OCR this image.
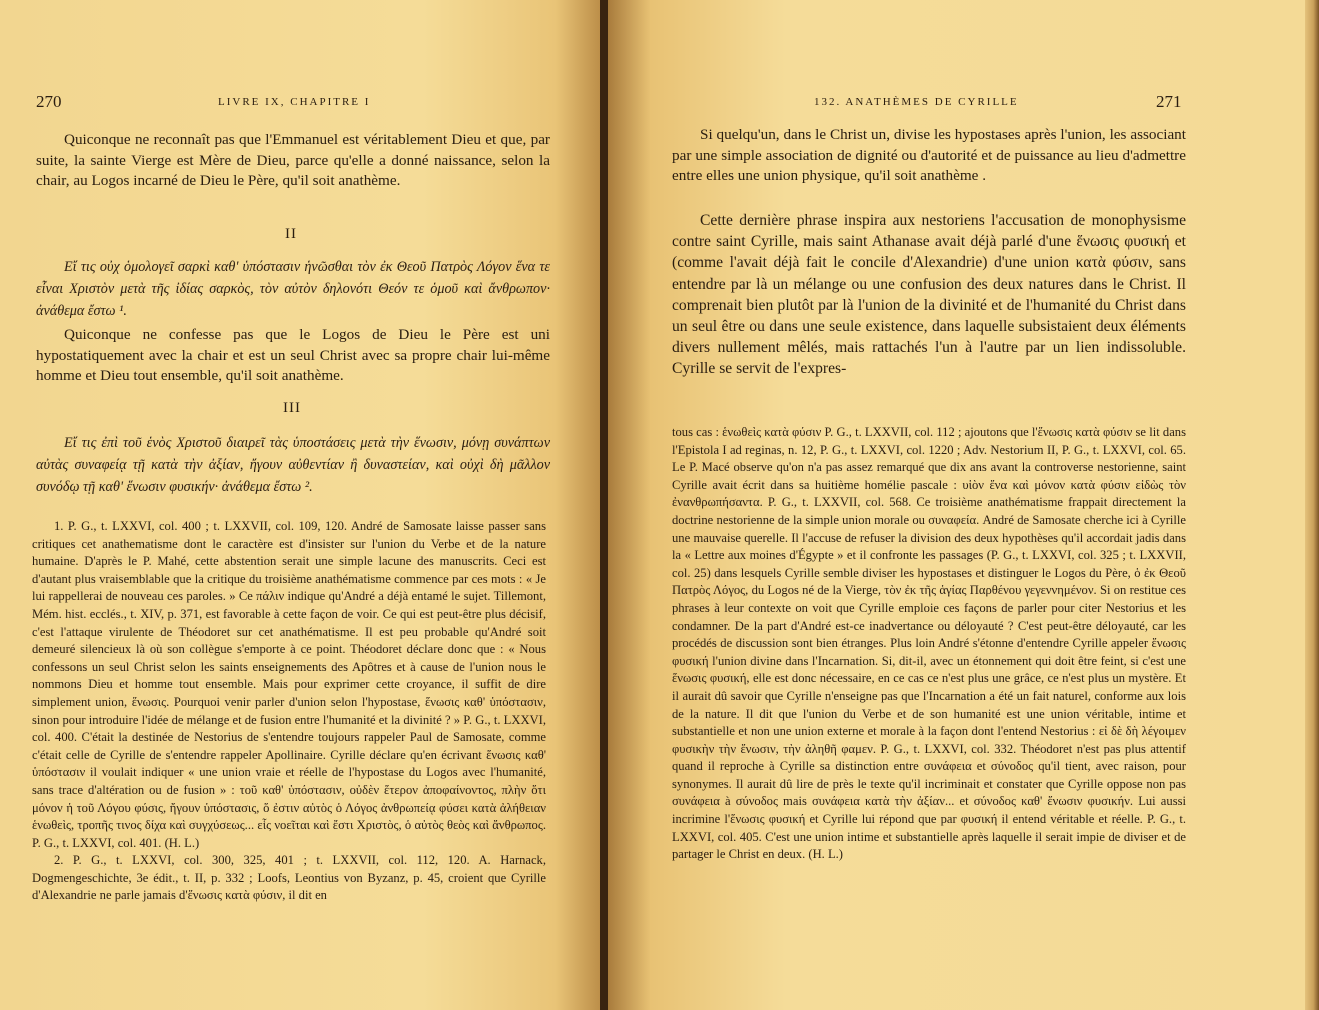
270	LIVRE IX, CHAPITRE I

Quiconque ne reconnaît pas que l'Emmanuel est véritablement Dieu et que, par suite, la sainte Vierge est Mère de Dieu, parce qu'elle a donné naissance, selon la chair, au Logos incarné de Dieu le Père, qu'il soit anathème.

II

Εἴ τις οὐχ ὁμολογεῖ σαρκὶ καθ' ὑπόστασιν ἡνῶσθαι τὸν ἐκ Θεοῦ Πατρὸς Λόγον ἕνα τε εἶναι Χριστὸν μετὰ τῆς ἰδίας σαρκὸς, τὸν αὐτὸν δηλονότι Θεόν τε ὁμοῦ καὶ ἄνθρωπον· ἀνάθεμα ἔστω ¹.

Quiconque ne confesse pas que le Logos de Dieu le Père est uni hypostatiquement avec la chair et est un seul Christ avec sa propre chair lui-même homme et Dieu tout ensemble, qu'il soit anathème.

III

Εἴ τις ἐπὶ τοῦ ἑνὸς Χριστοῦ διαιρεῖ τὰς ὑποστάσεις μετὰ τὴν ἕνωσιν, μόνῃ συνάπτων αὐτὰς συναφείᾳ τῇ κατὰ τὴν ἀξίαν, ἤγουν αὐθεντίαν ἢ δυναστείαν, καὶ οὐχὶ δὴ μᾶλλον συνόδῳ τῇ καθ' ἕνωσιν φυσικήν· ἀνάθεμα ἔστω ².

1. P. G., t. LXXVI, col. 400 ; t. LXXVII, col. 109, 120. André de Samosate laisse passer sans critiques cet anathematisme dont le caractère est d'insister sur l'union du Verbe et de la nature humaine. D'après le P. Mahé, cette abstention serait une simple lacune des manuscrits. Ceci est d'autant plus vraisemblable que la critique du troisième anathématisme commence par ces mots : « Je lui rappellerai de nouveau ces paroles. » Ce πάλιν indique qu'André a déjà entamé le sujet. Tillemont, Mém. hist. ecclés., t. XIV, p. 371, est favorable à cette façon de voir. Ce qui est peut-être plus décisif, c'est l'attaque virulente de Théodoret sur cet anathématisme. Il est peu probable qu'André soit demeuré silencieux là où son collègue s'emporte à ce point. Théodoret déclare donc que : « Nous confessons un seul Christ selon les saints enseignements des Apôtres et à cause de l'union nous le nommons Dieu et homme tout ensemble. Mais pour exprimer cette croyance, il suffit de dire simplement union, ἕνωσις. Pourquoi venir parler d'union selon l'hypostase, ἕνωσις καθ' ὑπόστασιν, sinon pour introduire l'idée de mélange et de fusion entre l'humanité et la divinité ? » P. G., t. LXXVI, col. 400. C'était la destinée de Nestorius de s'entendre toujours rappeler Paul de Samosate, comme c'était celle de Cyrille de s'entendre rappeler Apollinaire. Cyrille déclare qu'en écrivant ἕνωσις καθ' ὑπόστασιν il voulait indiquer « une union vraie et réelle de l'hypostase du Logos avec l'humanité, sans trace d'altération ou de fusion » : τοῦ καθ' ὑπόστασιν, οὐδὲν ἕτερον ἀποφαίνοντος, πλὴν ὅτι μόνον ἡ τοῦ Λόγου φύσις, ἤγουν ὑπόστασις, ὅ ἐστιν αὐτὸς ὁ Λόγος ἀνθρωπείᾳ φύσει κατὰ ἀλήθειαν ἑνωθεὶς, τροπῆς τινος δίχα καὶ συγχύσεως... εἷς νοεῖται καὶ ἔστι Χριστὸς, ὁ αὐτὸς θεὸς καὶ ἄνθρωπος. P. G., t. LXXVI, col. 401. (H. L.)

2. P. G., t. LXXVI, col. 300, 325, 401 ; t. LXXVII, col. 112, 120. A. Harnack, Dogmengeschichte, 3e édit., t. II, p. 332 ; Loofs, Leontius von Byzanz, p. 45, croient que Cyrille d'Alexandrie ne parle jamais d'ἕνωσις κατὰ φύσιν, il dit en

132. ANATHÈMES DE CYRILLE	271

Si quelqu'un, dans le Christ un, divise les hypostases après l'union, les associant par une simple association de dignité ou d'autorité et de puissance au lieu d'admettre entre elles une union physique, qu'il soit anathème .

Cette dernière phrase inspira aux nestoriens l'accusation de monophysisme contre saint Cyrille, mais saint Athanase avait déjà parlé d'une ἕνωσις φυσική et (comme l'avait déjà fait le concile d'Alexandrie) d'une union κατὰ φύσιν, sans entendre par là un mélange ou une confusion des deux natures dans le Christ. Il comprenait bien plutôt par là l'union de la divinité et de l'humanité du Christ dans un seul être ou dans une seule existence, dans laquelle subsistaient deux éléments divers nullement mêlés, mais rattachés l'un à l'autre par un lien indissoluble. Cyrille se servit de l'expres-

tous cas : ἑνωθεὶς κατὰ φύσιν P. G., t. LXXVII, col. 112 ; ajoutons que l'ἕνωσις κατὰ φύσιν se lit dans l'Epistola I ad reginas, n. 12, P. G., t. LXXVI, col. 1220 ; Adv. Nestorium II, P. G., t. LXXVI, col. 65. Le P. Macé observe qu'on n'a pas assez remarqué que dix ans avant la controverse nestorienne, saint Cyrille avait écrit dans sa huitième homélie pascale : υἱὸν ἕνα καὶ μόνον κατὰ φύσιν εἰδὼς τὸν ἐνανθρωπήσαντα. P. G., t. LXXVII, col. 568. Ce troisième anathématisme frappait directement la doctrine nestorienne de la simple union morale ou συναφεία. André de Samosate cherche ici à Cyrille une mauvaise querelle. Il l'accuse de refuser la division des deux hypothèses qu'il accordait jadis dans la « Lettre aux moines d'Égypte » et il confronte les passages (P. G., t. LXXVI, col. 325 ; t. LXXVII, col. 25) dans lesquels Cyrille semble diviser les hypostases et distinguer le Logos du Père, ὁ ἐκ Θεοῦ Πατρὸς Λόγος, du Logos né de la Vierge, τὸν ἐκ τῆς ἁγίας Παρθένου γεγεννημένον. Si on restitue ces phrases à leur contexte on voit que Cyrille emploie ces façons de parler pour citer Nestorius et les condamner. De la part d'André est-ce inadvertance ou déloyauté ? C'est peut-être déloyauté, car les procédés de discussion sont bien étranges. Plus loin André s'étonne d'entendre Cyrille appeler ἕνωσις φυσική l'union divine dans l'Incarnation. Si, dit-il, avec un étonnement qui doit être feint, si c'est une ἕνωσις φυσική, elle est donc nécessaire, en ce cas ce n'est plus une grâce, ce n'est plus un mystère. Et il aurait dû savoir que Cyrille n'enseigne pas que l'Incarnation a été un fait naturel, conforme aux lois de la nature. Il dit que l'union du Verbe et de son humanité est une union véritable, intime et substantielle et non une union externe et morale à la façon dont l'entend Nestorius : εἰ δὲ δὴ λέγοιμεν φυσικὴν τὴν ἕνωσιν, τὴν ἀληθῆ φαμεν. P. G., t. LXXVI, col. 332. Théodoret n'est pas plus attentif quand il reproche à Cyrille sa distinction entre συνάφεια et σύνοδος qu'il tient, avec raison, pour synonymes. Il aurait dû lire de près le texte qu'il incriminait et constater que Cyrille oppose non pas συνάφεια à σύνοδος mais συνάφεια κατὰ τὴν ἀξίαν... et σύνοδος καθ' ἕνωσιν φυσικήν. Lui aussi incrimine l'ἕνωσις φυσική et Cyrille lui répond que par φυσική il entend véritable et réelle. P. G., t. LXXVI, col. 405. C'est une union intime et substantielle après laquelle il serait impie de diviser et de partager le Christ en deux. (H. L.)
